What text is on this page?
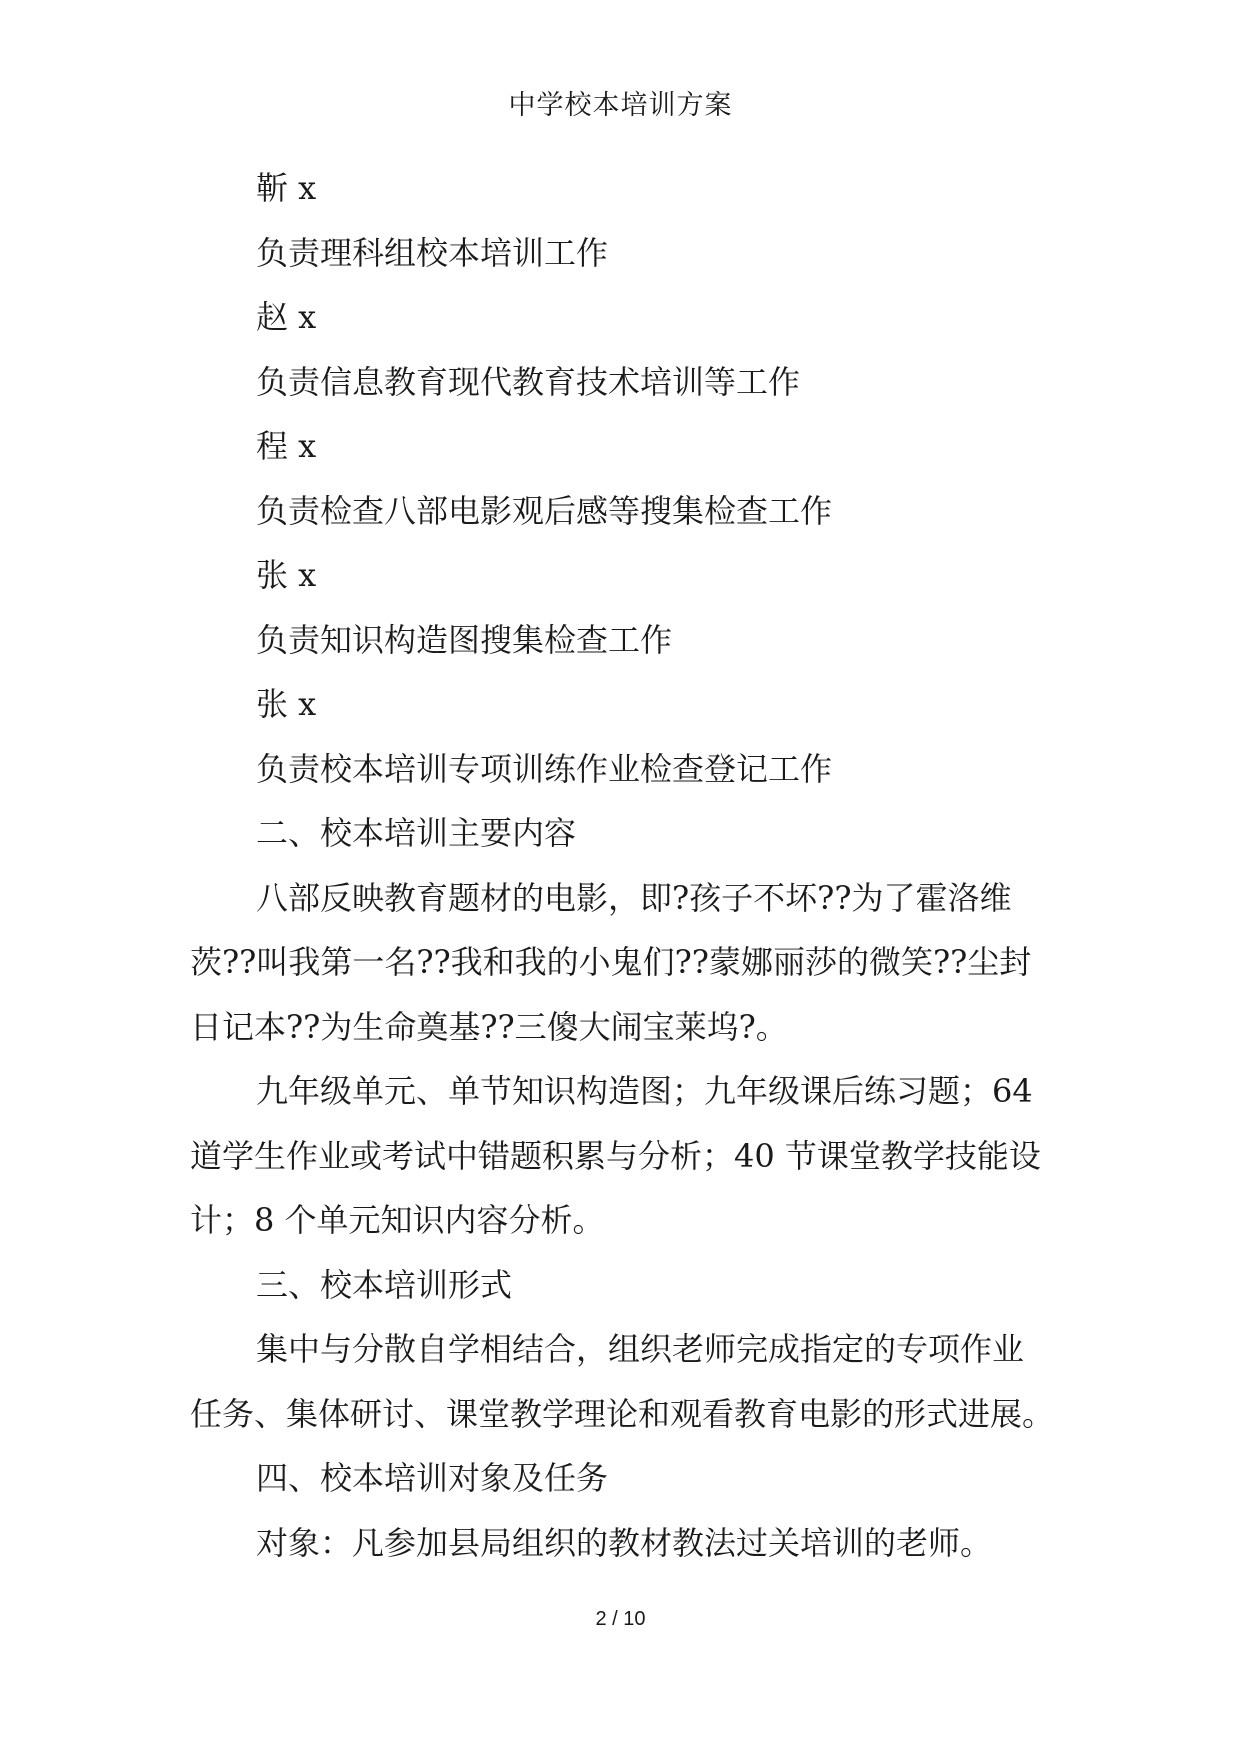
中学校本培训方案

靳 x

负责理科组校本培训工作

赵 x

负责信息教育现代教育技术培训等工作

程 x

负责检查八部电影观后感等搜集检查工作

张 x

负责知识构造图搜集检查工作

张 x

负责校本培训专项训练作业检查登记工作

二、校本培训主要内容

八部反映教育题材的电影，即?孩子不坏??为了霍洛维
茨??叫我第一名??我和我的小鬼们??蒙娜丽莎的微笑??尘封
日记本??为生命奠基??三傻大闹宝莱坞?。
九年级单元、单节知识构造图；九年级课后练习题；64
道学生作业或考试中错题积累与分析；40 节课堂教学技能设
计；8 个单元知识内容分析。

三、校本培训形式

集中与分散自学相结合，组织老师完成指定的专项作业
任务、集体研讨、课堂教学理论和观看教育电影的形式进展。

四、校本培训对象及任务

对象：凡参加县局组织的教材教法过关培训的老师。

2 / 10
